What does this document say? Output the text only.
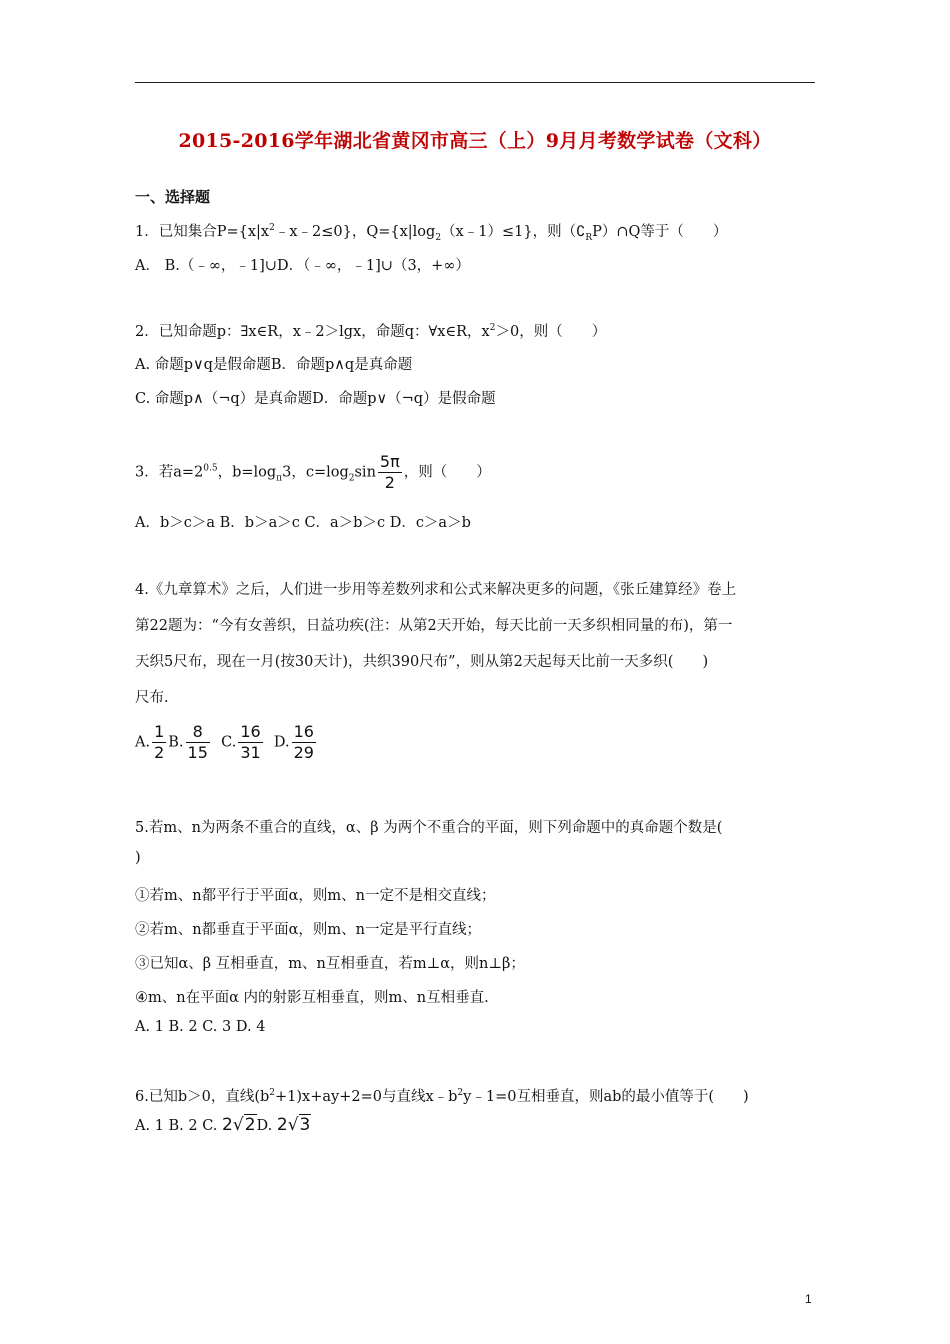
2015-2016学年湖北省黄冈市高三（上）9月月考数学试卷（文科）
一、选择题
1．已知集合$P=\{x|x^2﹣x﹣2\le 0\}$，$Q=\{x|\log_2(x﹣1)\le 1\}$，则$(∁_RP)\cap Q$等于（　　）
A． B.（﹣∞，﹣1]∪D．（﹣∞，﹣1]∪（3，+∞）
2．已知命题p：∃x∈R，x﹣2＞lgx，命题q：∀x∈R，$x^2>0$，则（　　）
A. 命题p∨q是假命题B．命题p∧q是真命题
C. 命题p∧（¬q）是真命题D．命题p∨（¬q）是假命题
3．若$a=2^{0.5}$，$b=\log_\pi 3$，$c=\log_2\sin \frac{5\pi}{2}$ ，则（　　）
A．b＞c＞a B．b＞a＞c C．a＞b＞c D．c＞a＞b
4.《九章算术》之后，人们进一步用等差数列求和公式来解决更多的问题，《张丘建算经》卷上
第22题为：“今有女善织，日益功疾(注：从第2天开始，每天比前一天多织相同量的布)，第一
天织5尺布，现在一月(按30天计)，共织390尺布”，则从第2天起每天比前一天多织(　　)
尺布.
A. $\frac{1}{2} B$. $\frac{8}{15} C$. $\frac{16}{31} D$. $\frac{16}{29}$
5.若m、n为两条不重合的直线，α、β 为两个不重合的平面，则下列命题中的真命题个数是(
)
①若m、n都平行于平面α，则m、n一定不是相交直线；
②若m、n都垂直于平面α，则m、n一定是平行直线；
③已知α、β 互相垂直，m、n互相垂直，若m⊥α，则n⊥β；
④m、n在平面α 内的射影互相垂直，则m、n互相垂直.
A. 1 B. 2 C. 3 D. 4
6.已知b＞0，直线$(b^2+1)x+ay+2=0$与直线$x﹣b^2y﹣1=0$互相垂直，则ab的最小值等于(　　)
A. 1 B. 2 C. 2√2D. 2√3
1
